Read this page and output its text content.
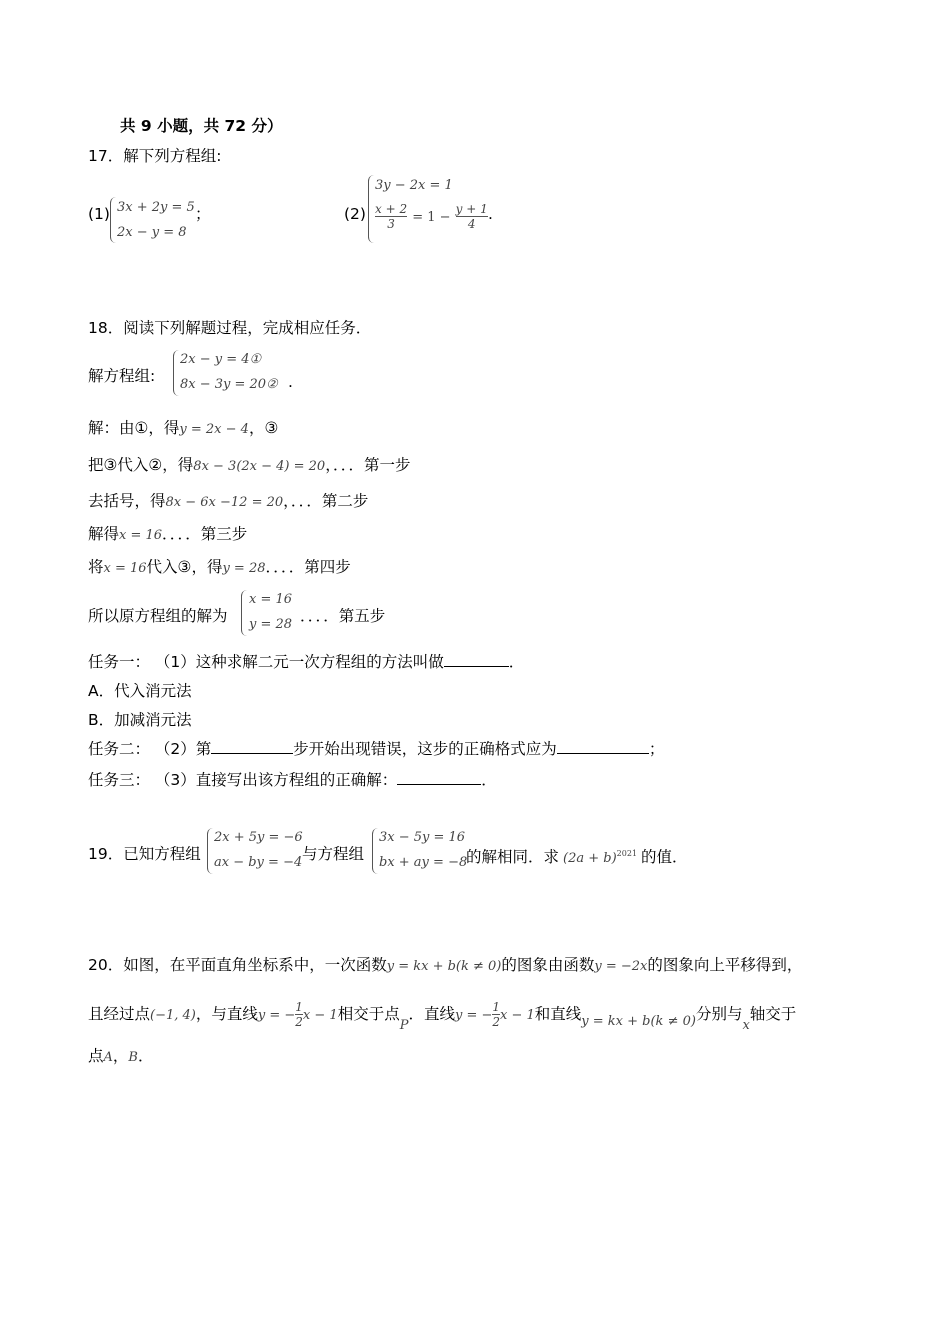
共 9 小题，共 72 分）
17．解下列方程组:
(1) 3x + 2y = 5
2x − y = 8
；	(2)
3y − 2x = 1
$\frac{x + 2}{3} = 1 - \frac{y + 1}{4}$ .
18．阅读下列解题过程，完成相应任务．
解方程组:
2x − y = 4①
8x − 3y = 20② .
解：由①，得y = 2x − 4，③
把③代入②，得8x − 3(2x − 4) = 20，．．．第一步
去括号，得8x − 6x −12 = 20，．．．第二步
解得x = 16．．．．第三步
将x = 16代入③，得y = 28．．．．第四步
所以原方程组的解为
x = 16
y = 28 ．．．．第五步
任务一： （1）这种求解二元一次方程组的方法叫做	．
A．代入消元法
B．加减消元法
任务二： （2）第	步开始出现错误，这步的正确格式应为	；
任务三： （3）直接写出该方程组的正确解：	．
19．已知方程组
2x + 5y = −6
ax − by = −4 与方程组
3x − 5y = 16
bx + ay = −8
的解相同．求 $(2a + b)^{2021}$ 的值．
20．如图，在平面直角坐标系中，一次函数y = kx + b(k ≠ 0)的图象由函数y = −2x的图象向上平移得到，
且经过点(−1, 4)，与直线y = − $\frac{1}{2}$ x − 1相交于点$_P$．直线y = − $\frac{1}{2}$ x − 1和直线$_{y = kx + b(k \ne 0)}$分别与$_x$轴交于
点A，B．
